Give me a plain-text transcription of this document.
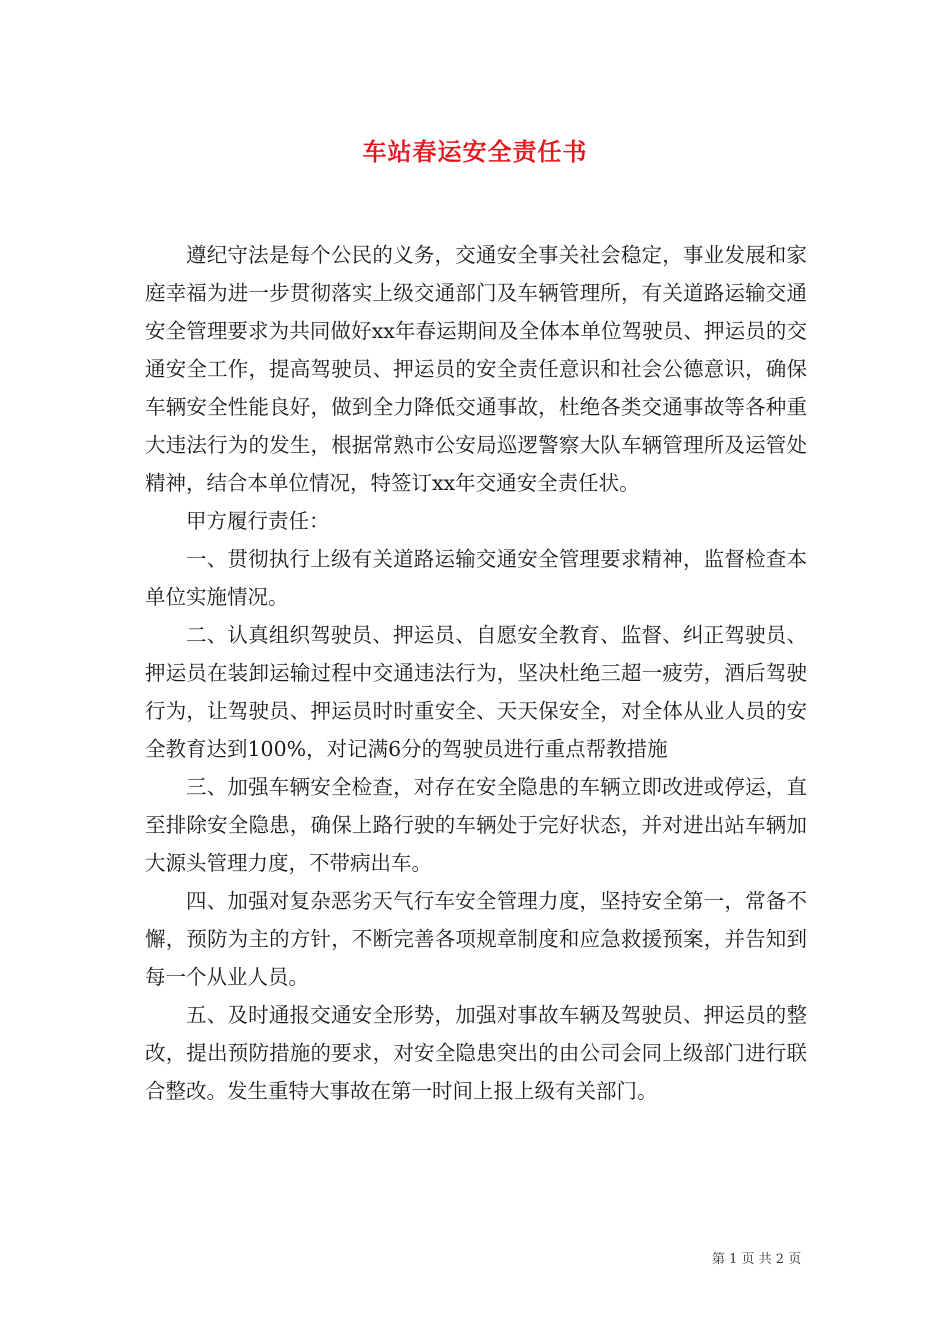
车站春运安全责任书

遵纪守法是每个公民的义务，交通安全事关社会稳定，事业发展和家庭幸福为进一步贯彻落实上级交通部门及车辆管理所，有关道路运输交通安全管理要求为共同做好xx年春运期间及全体本单位驾驶员、押运员的交通安全工作，提高驾驶员、押运员的安全责任意识和社会公德意识，确保车辆安全性能良好，做到全力降低交通事故，杜绝各类交通事故等各种重大违法行为的发生，根据常熟市公安局巡逻警察大队车辆管理所及运管处精神，结合本单位情况，特签订xx年交通安全责任状。

甲方履行责任：

一、贯彻执行上级有关道路运输交通安全管理要求精神，监督检查本单位实施情况。

二、认真组织驾驶员、押运员、自愿安全教育、监督、纠正驾驶员、押运员在装卸运输过程中交通违法行为，坚决杜绝三超一疲劳，酒后驾驶行为，让驾驶员、押运员时时重安全、天天保安全，对全体从业人员的安全教育达到100%，对记满6分的驾驶员进行重点帮教措施

三、加强车辆安全检查，对存在安全隐患的车辆立即改进或停运，直至排除安全隐患，确保上路行驶的车辆处于完好状态，并对进出站车辆加大源头管理力度，不带病出车。

四、加强对复杂恶劣天气行车安全管理力度，坚持安全第一，常备不懈，预防为主的方针，不断完善各项规章制度和应急救援预案，并告知到每一个从业人员。

五、及时通报交通安全形势，加强对事故车辆及驾驶员、押运员的整改，提出预防措施的要求，对安全隐患突出的由公司会同上级部门进行联合整改。发生重特大事故在第一时间上报上级有关部门。

第 1 页 共 2 页
